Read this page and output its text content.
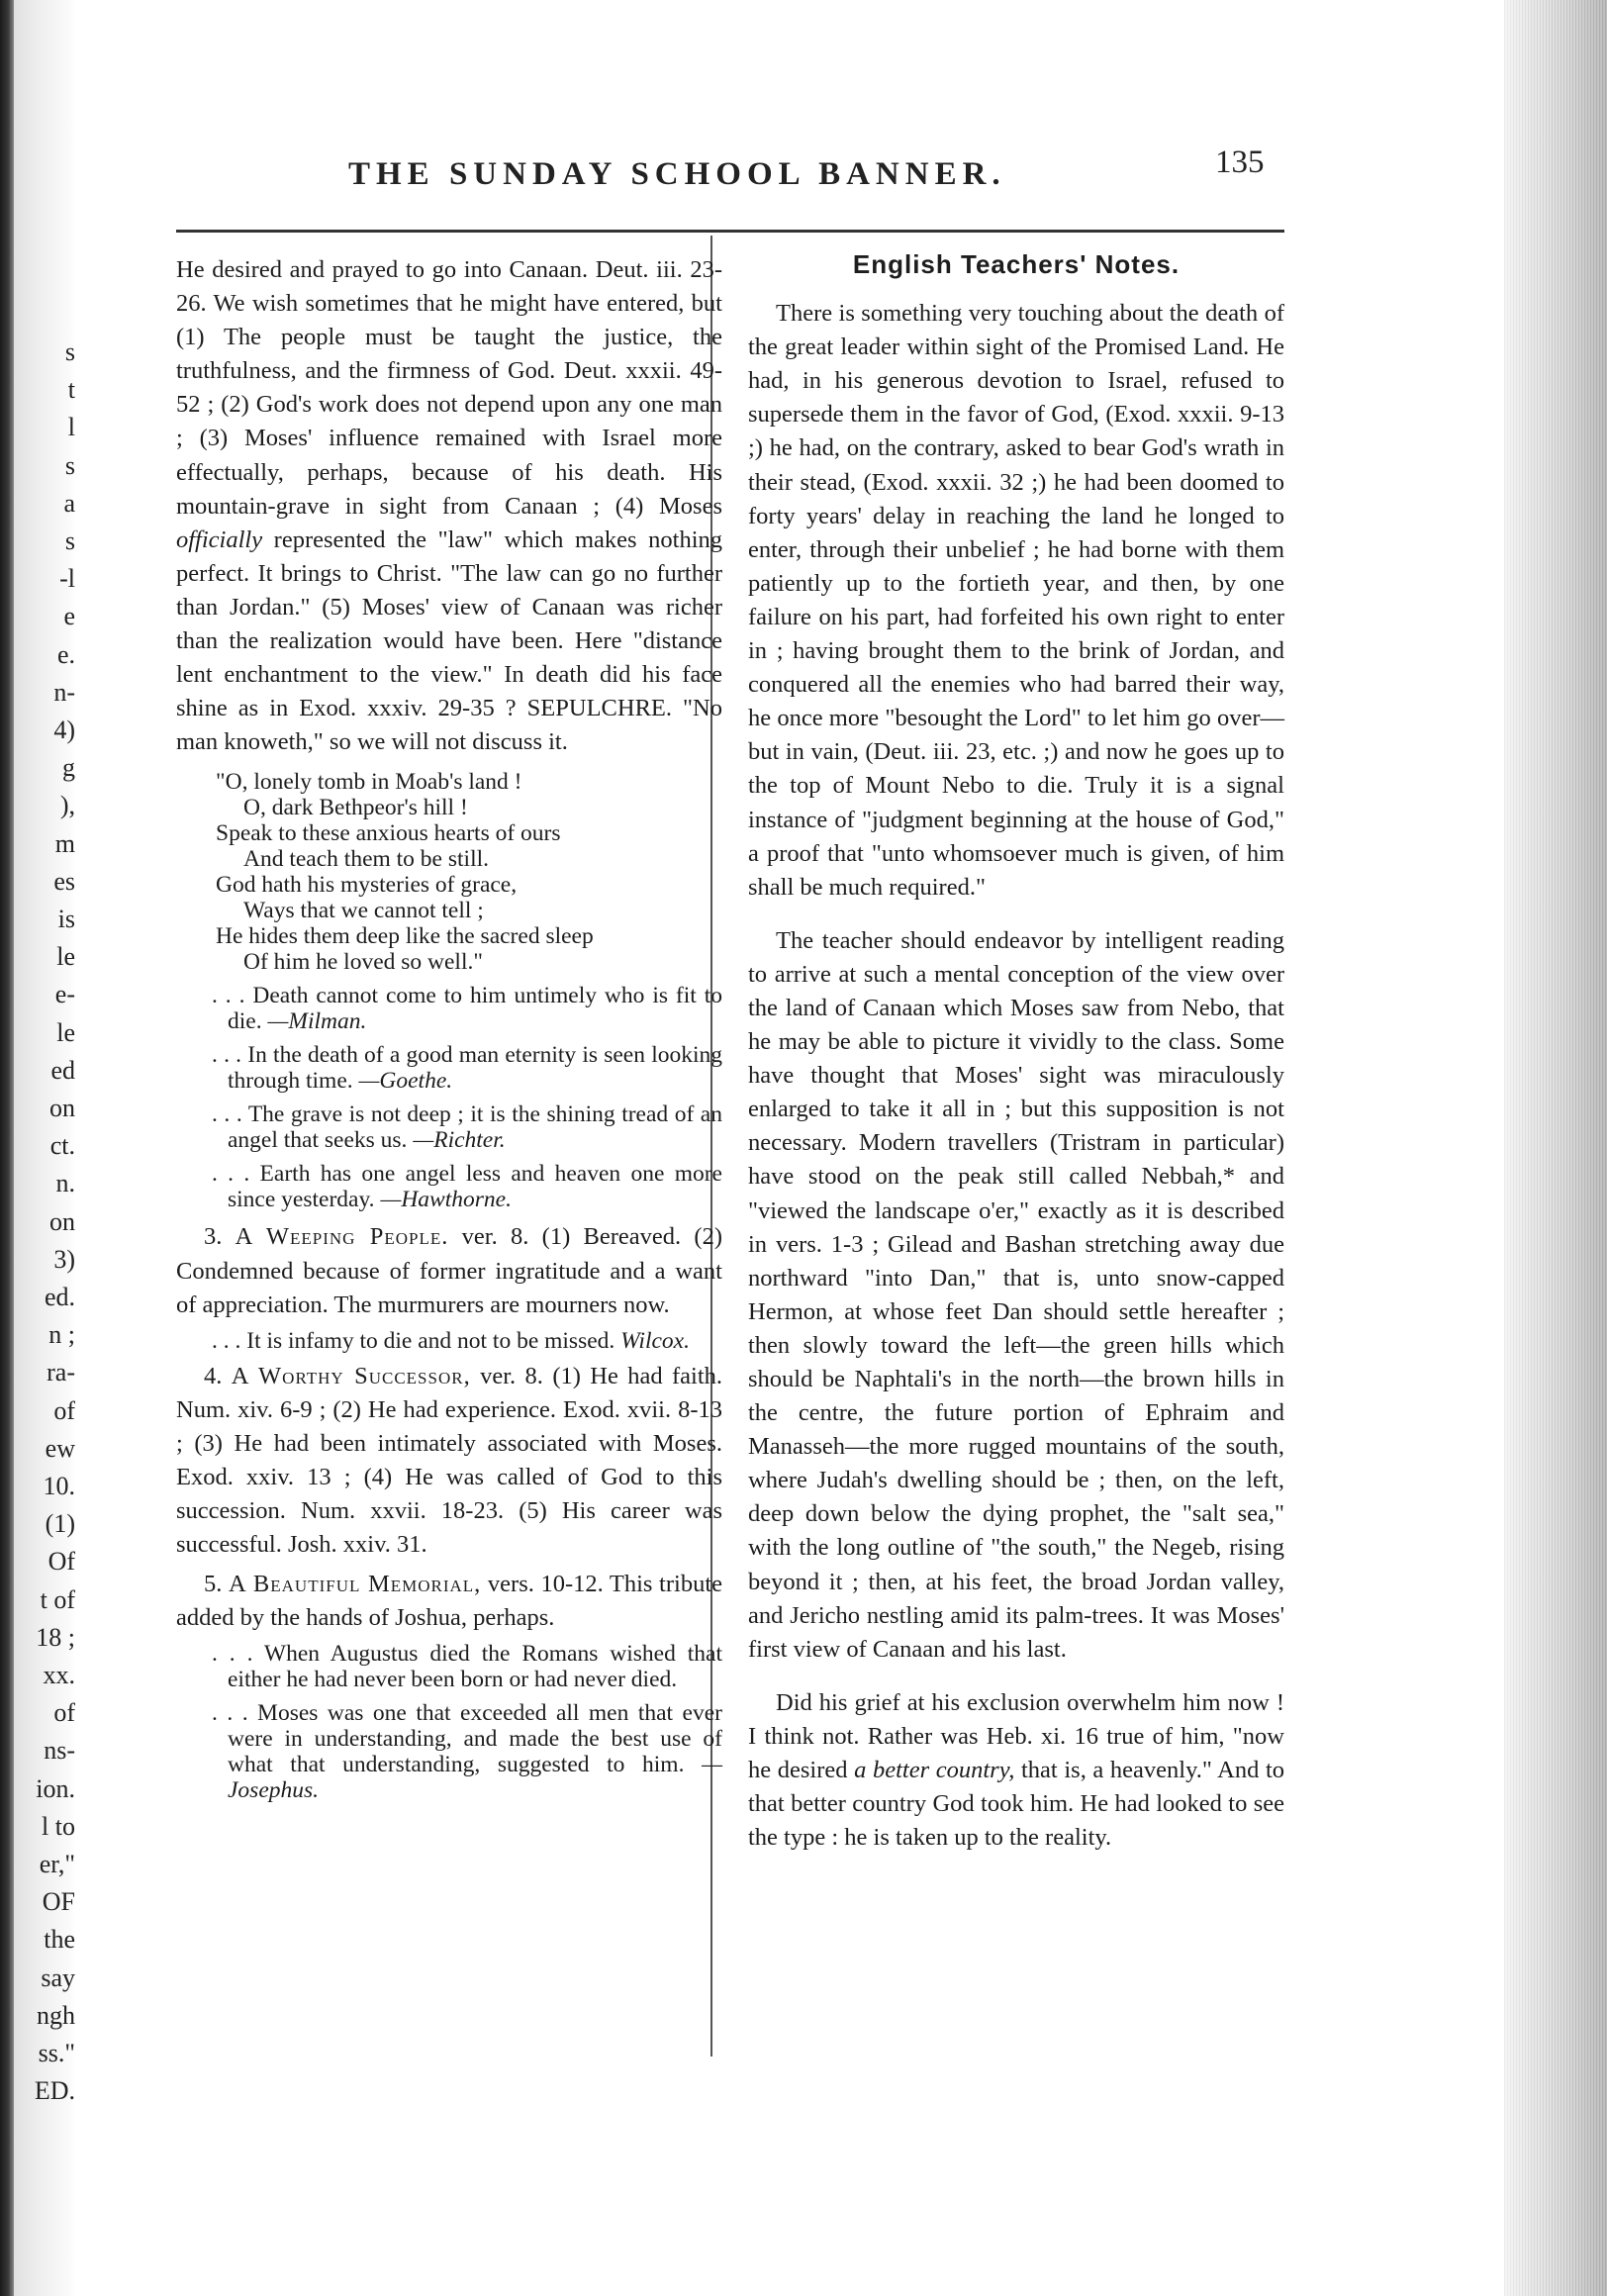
s
t
l
s
a
s
-l
e
e.
n-
4)
g
),
m
es
is
le
e-
le
ed
on
ct.
n.
on
3)
ed.
n ;
ra-
of
ew
10.
(1)
Of
t of
18 ;
xx.
of
ns-
ion.
l to
er,"
OF
the
say
ngh
ss."
ED.
THE SUNDAY SCHOOL BANNER.	135

He desired and prayed to go into Canaan. Deut. iii. 23-26. We wish sometimes that he might have entered, but (1) The people must be taught the justice, the truthfulness, and the firmness of God. Deut. xxxii. 49-52 ; (2) God's work does not depend upon any one man ; (3) Moses' influence remained with Israel more effectually, perhaps, because of his death. His mountain-grave in sight from Canaan ; (4) Moses officially represented the "law" which makes nothing perfect. It brings to Christ. "The law can go no further than Jordan." (5) Moses' view of Canaan was richer than the realization would have been. Here "distance lent enchantment to the view." In death did his face shine as in Exod. xxxiv. 29-35 ? SEPULCHRE. "No man knoweth," so we will not discuss it.

"O, lonely tomb in Moab's land !
O, dark Bethpeor's hill !
Speak to these anxious hearts of ours
And teach them to be still.
God hath his mysteries of grace,
Ways that we cannot tell ;
He hides them deep like the sacred sleep
Of him he loved so well."
. . . Death cannot come to him untimely who is fit to die. —Milman.
. . . In the death of a good man eternity is seen looking through time. —Goethe.
. . . The grave is not deep ; it is the shining tread of an angel that seeks us. —Richter.
. . . Earth has one angel less and heaven one more since yesterday. —Hawthorne.

3. A Weeping People. ver. 8. (1) Bereaved. (2) Condemned because of former ingratitude and a want of appreciation. The murmurers are mourners now.

. . . It is infamy to die and not to be missed. Wilcox.

4. A Worthy Successor, ver. 8. (1) He had faith. Num. xiv. 6-9 ; (2) He had experience. Exod. xvii. 8-13 ; (3) He had been intimately associated with Moses. Exod. xxiv. 13 ; (4) He was called of God to this succession. Num. xxvii. 18-23. (5) His career was successful. Josh. xxiv. 31.

5. A Beautiful Memorial, vers. 10-12. This tribute added by the hands of Joshua, perhaps.

. . . When Augustus died the Romans wished that either he had never been born or had never died.
. . . Moses was one that exceeded all men that ever were in understanding, and made the best use of what that understanding, suggested to him. —Josephus.

English Teachers' Notes.

There is something very touching about the death of the great leader within sight of the Promised Land. He had, in his generous devotion to Israel, refused to supersede them in the favor of God, (Exod. xxxii. 9-13 ;) he had, on the contrary, asked to bear God's wrath in their stead, (Exod. xxxii. 32 ;) he had been doomed to forty years' delay in reaching the land he longed to enter, through their unbelief ; he had borne with them patiently up to the fortieth year, and then, by one failure on his part, had forfeited his own right to enter in ; having brought them to the brink of Jordan, and conquered all the enemies who had barred their way, he once more "besought the Lord" to let him go over—but in vain, (Deut. iii. 23, etc. ;) and now he goes up to the top of Mount Nebo to die. Truly it is a signal instance of "judgment beginning at the house of God," a proof that "unto whomsoever much is given, of him shall be much required."

The teacher should endeavor by intelligent reading to arrive at such a mental conception of the view over the land of Canaan which Moses saw from Nebo, that he may be able to picture it vividly to the class. Some have thought that Moses' sight was miraculously enlarged to take it all in ; but this supposition is not necessary. Modern travellers (Tristram in particular) have stood on the peak still called Nebbah,* and "viewed the landscape o'er," exactly as it is described in vers. 1-3 ; Gilead and Bashan stretching away due northward "into Dan," that is, unto snow-capped Hermon, at whose feet Dan should settle hereafter ; then slowly toward the left—the green hills which should be Naphtali's in the north—the brown hills in the centre, the future portion of Ephraim and Manasseh—the more rugged mountains of the south, where Judah's dwelling should be ; then, on the left, deep down below the dying prophet, the "salt sea," with the long outline of "the south," the Negeb, rising beyond it ; then, at his feet, the broad Jordan valley, and Jericho nestling amid its palm-trees. It was Moses' first view of Canaan and his last.

Did his grief at his exclusion overwhelm him now ! I think not. Rather was Heb. xi. 16 true of him, "now he desired a better country, that is, a heavenly." And to that better country God took him. He had looked to see the type : he is taken up to the reality.
